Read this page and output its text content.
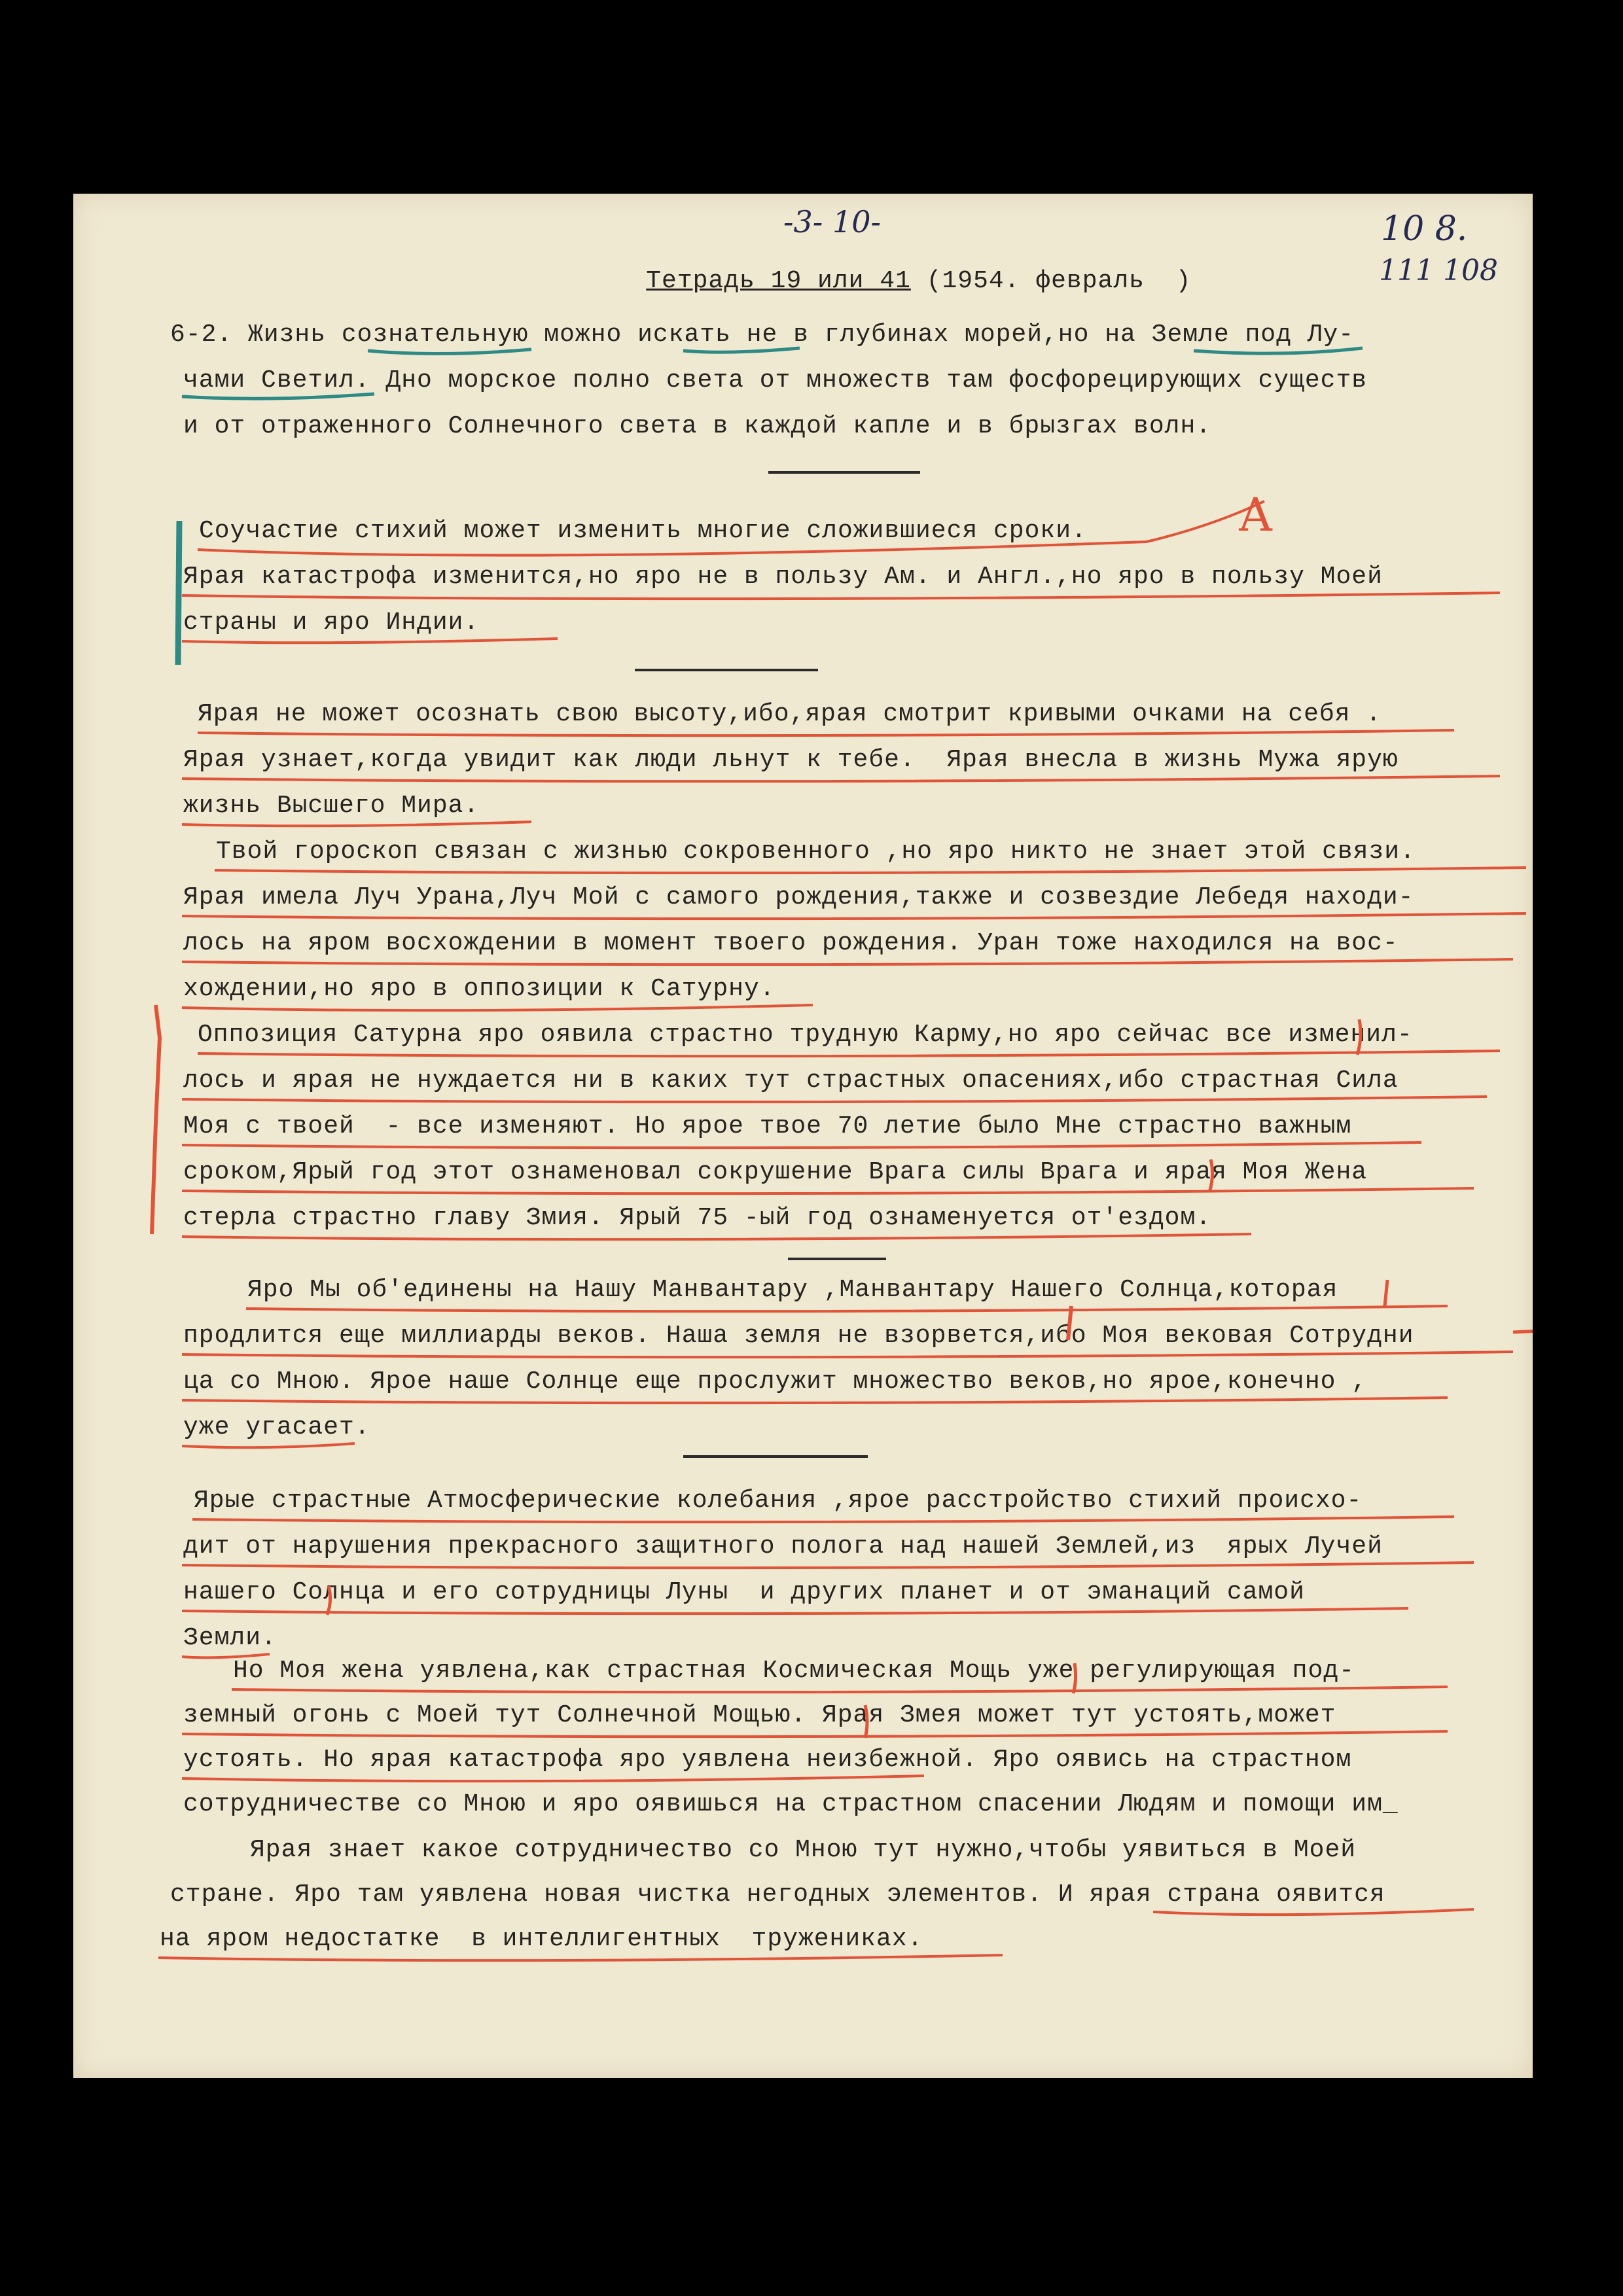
Тетрадь 19 или 41 (1954. февраль  )

-3- 10-	10 8.
111 108
6-2. Жизнь сознательную можно искать не в глубинах морей,но на Земле под Лу-
чами Светил. Дно морское полно света от множеств там фосфорецирующих существ
и от отраженного Солнечного света в каждой капле и в брызгах волн.
Соучастие стихий может изменить многие сложившиеся сроки.
Ярая катастрофа изменится,но яро не в пользу Ам. и Англ.,но яро в пользу Моей
страны и яро Индии.
Ярая не может осознать свою высоту,ибо,ярая смотрит кривыми очками на себя .
Ярая узнает,когда увидит как люди льнут к тебе.  Ярая внесла в жизнь Мужа ярую
жизнь Высшего Мира.
Твой гороскоп связан с жизнью сокровенного ,но яро никто не знает этой связи.
Ярая имела Луч Урана,Луч Мой с самого рождения,также и созвездие Лебедя находи-
лось на яром восхождении в момент твоего рождения. Уран тоже находился на вос-
хождении,но яро в оппозиции к Сатурну.
Оппозиция Сатурна яро оявила страстно трудную Карму,но яро сейчас все изменил-
лось и ярая не нуждается ни в каких тут страстных опасениях,ибо страстная Сила
Моя с твоей  - все изменяют. Но ярое твое 70 летие было Мне страстно важным
сроком,Ярый год этот ознаменовал сокрушение Врага силы Врага и ярая Моя Жена
стерла страстно главу Змия. Ярый 75 -ый год ознаменуется от'ездом.
Яро Мы об'единены на Нашу Манвантару ,Манвантару Нашего Солнца,которая
продлится еще миллиарды веков. Наша земля не взорвется,ибо Моя вековая Сотрудни
ца со Мною. Ярое наше Солнце еще прослужит множество веков,но ярое,конечно ,
уже угасает.
Ярые страстные Атмосферические колебания ,ярое расстройство стихий происхо-
дит от нарушения прекрасного защитного полога над нашей Землей,из  ярых Лучей
нашего Солнца и его сотрудницы Луны  и других планет и от эманаций самой
Земли.
Но Моя жена уявлена,как страстная Космическая Мощь уже регулирующая под-
земный огонь с Моей тут Солнечной Мощью. Ярая Змея может тут устоять,может
устоять. Но ярая катастрофа яро уявлена неизбежной. Яро оявись на страстном
сотрудничестве со Мною и яро оявишься на страстном спасении Людям и помощи им_
Ярая знает какое сотрудничество со Мною тут нужно,чтобы уявиться в Моей
стране. Яро там уявлена новая чистка негодных элементов. И ярая страна оявится
на яром недостатке  в интеллигентных  тружениках.
А
